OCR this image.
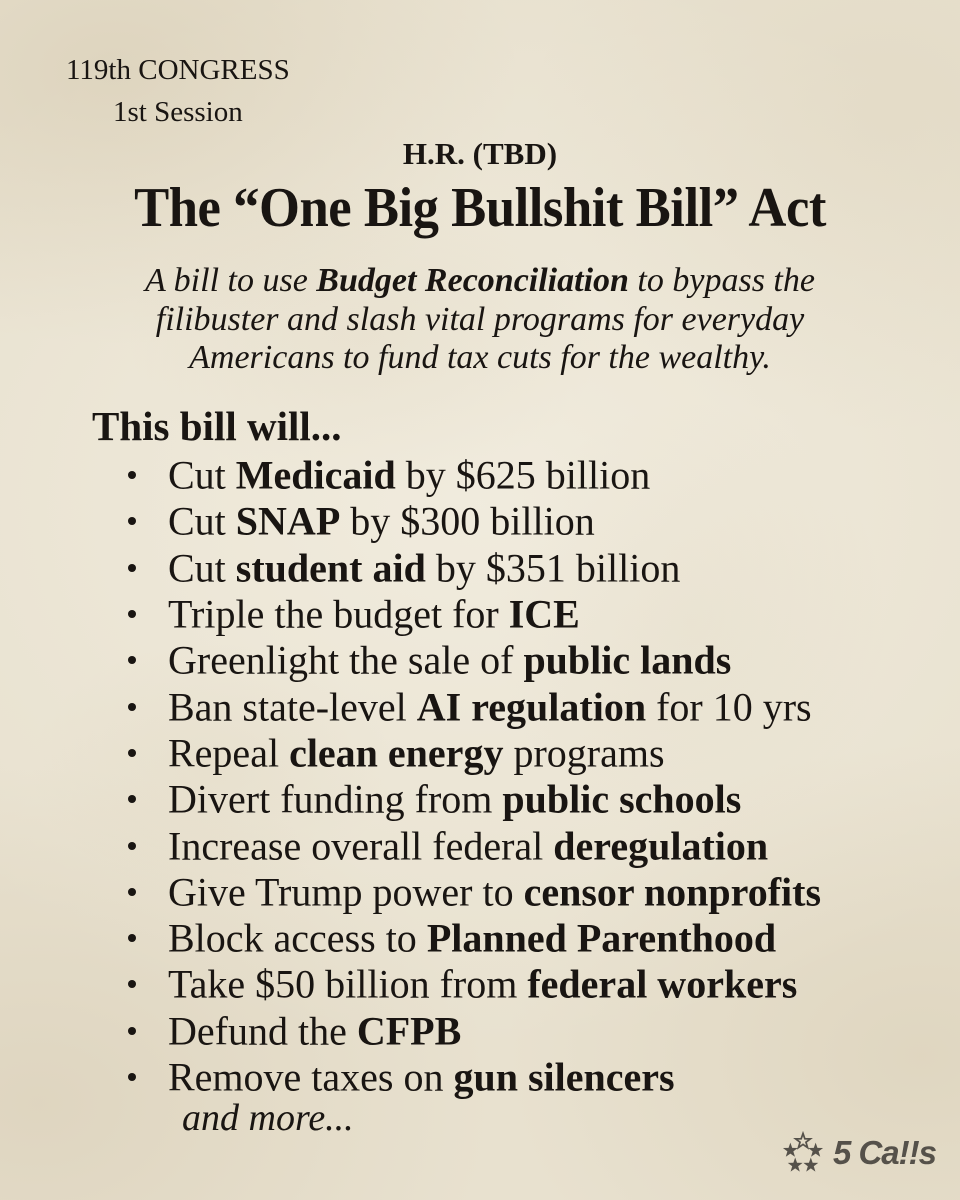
119th CONGRESS
1st Session
H.R. (TBD)
The “One Big Bullshit Bill” Act
A bill to use Budget Reconciliation to bypass the
filibuster and slash vital programs for everyday
Americans to fund tax cuts for the wealthy.
This bill will...
Cut Medicaid by $625 billion
Cut SNAP by $300 billion
Cut student aid by $351 billion
Triple the budget for ICE
Greenlight the sale of public lands
Ban state-level AI regulation for 10 yrs
Repeal clean energy programs
Divert funding from public schools
Increase overall federal deregulation
Give Trump power to censor nonprofits
Block access to Planned Parenthood
Take $50 billion from federal workers
Defund the CFPB
Remove taxes on gun silencers
and more...
5 Ca!!s
